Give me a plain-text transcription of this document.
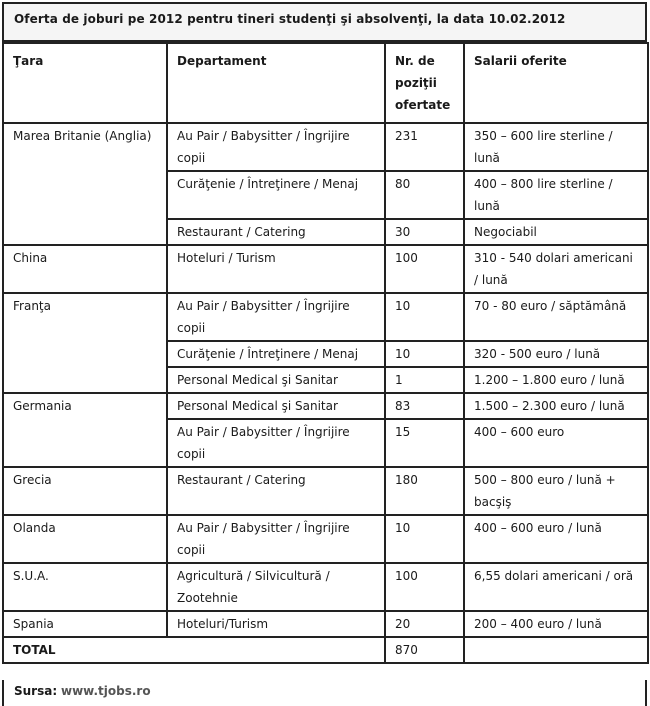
Oferta de joburi pe 2012 pentru tineri studenţi şi absolvenţi, la data 10.02.2012
Ţara	Departament	Nr. de poziţii ofertate	Salarii oferite
Marea Britanie (Anglia)	Au Pair / Babysitter / Îngrijire copii	231	350 – 600 lire sterline / lună
	Curăţenie / Întreţinere / Menaj	80	400 – 800 lire sterline / lună
	Restaurant / Catering	30	Negociabil
China	Hoteluri / Turism	100	310 - 540 dolari americani / lună
Franţa	Au Pair / Babysitter / Îngrijire copii	10	70 - 80 euro / săptămână
	Curăţenie / Întreţinere / Menaj	10	320 - 500 euro / lună
	Personal Medical şi Sanitar	1	1.200 – 1.800 euro / lună
Germania	Personal Medical şi Sanitar	83	1.500 – 2.300 euro / lună
	Au Pair / Babysitter / Îngrijire copii	15	400 – 600 euro
Grecia	Restaurant / Catering	180	500 – 800 euro / lună + bacşiş
Olanda	Au Pair / Babysitter / Îngrijire copii	10	400 – 600 euro / lună
S.U.A.	Agricultură / Silvicultură / Zootehnie	100	6,55 dolari americani / oră
Spania	Hoteluri/Turism	20	200 – 400 euro / lună
TOTAL		870	
Sursa: www.tjobs.ro
